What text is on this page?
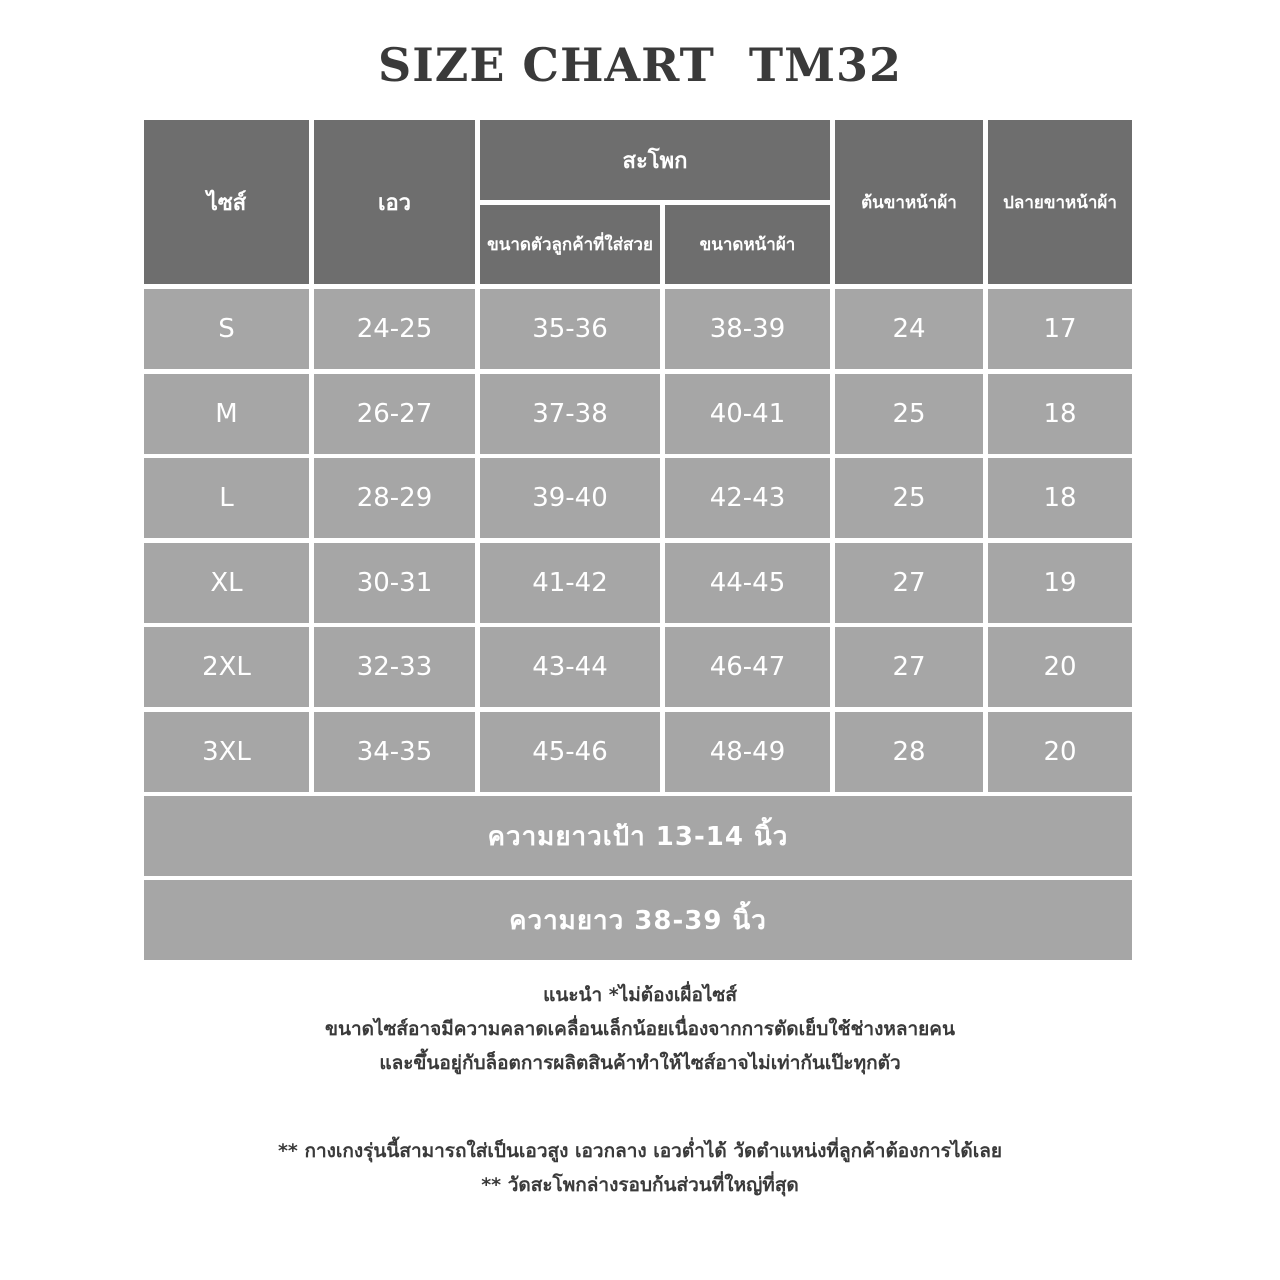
SIZE CHART  TM32
ไซส์	เอว
สะโพก
ขนาดตัวลูกค้าที่ใส่สวย	ขนาดหน้าผ้า
ต้นขาหน้าผ้า	ปลายขาหน้าผ้า
S	24-25	35-36	38-39	24	17
M	26-27	37-38	40-41	25	18
L	28-29	39-40	42-43	25	18
XL	30-31	41-42	44-45	27	19
2XL	32-33	43-44	46-47	27	20
3XL	34-35	45-46	48-49	28	20
ความยาวเป้า 13-14 นิ้ว
ความยาว 38-39 นิ้ว
แนะนำ *ไม่ต้องเผื่อไซส์
ขนาดไซส์อาจมีความคลาดเคลื่อนเล็กน้อยเนื่องจากการตัดเย็บใช้ช่างหลายคน
และขึ้นอยู่กับล็อตการผลิตสินค้าทำให้ไซส์อาจไม่เท่ากันเป๊ะทุกตัว
** กางเกงรุ่นนี้สามารถใส่เป็นเอวสูง เอวกลาง เอวต่ำได้ วัดตำแหน่งที่ลูกค้าต้องการได้เลย
** วัดสะโพกล่างรอบก้นส่วนที่ใหญ่ที่สุด
